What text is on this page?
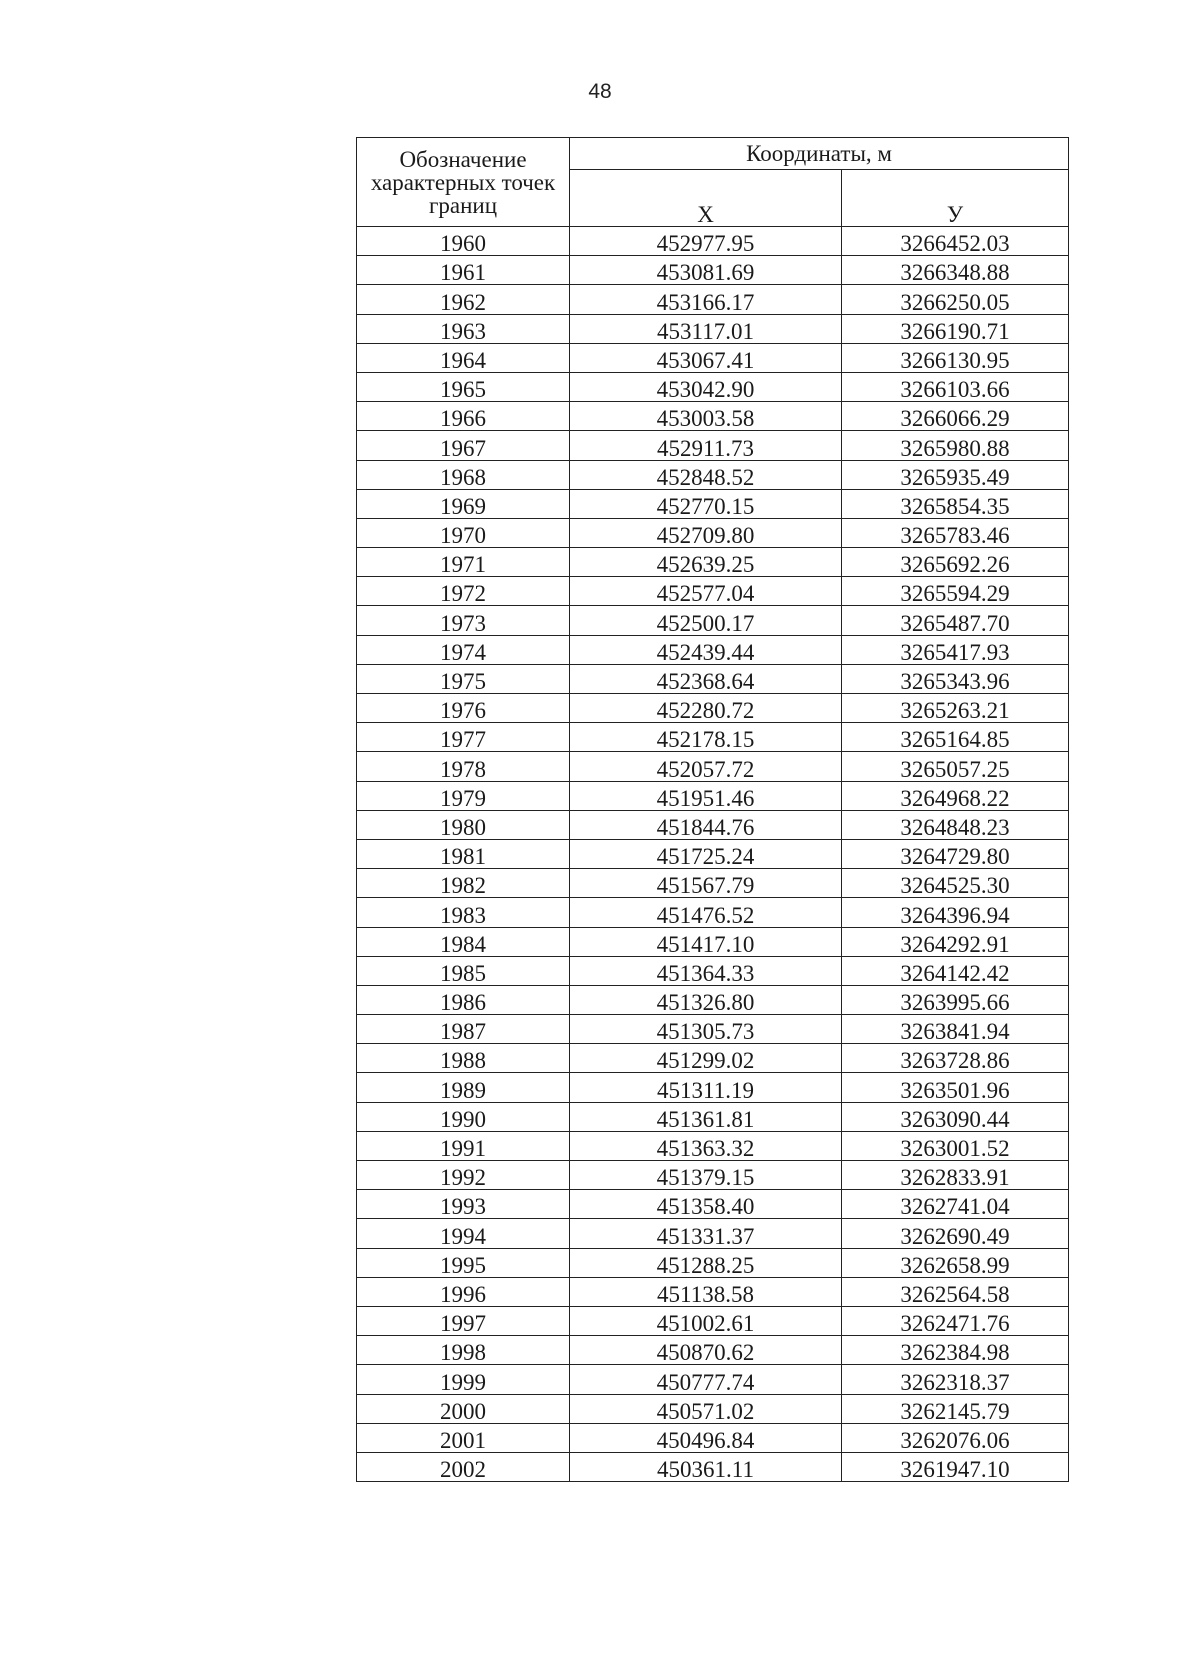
48
Обозначение характерных точек границ	Координаты, м	
	Х	У
1960	452977.95	3266452.03
1961	453081.69	3266348.88
1962	453166.17	3266250.05
1963	453117.01	3266190.71
1964	453067.41	3266130.95
1965	453042.90	3266103.66
1966	453003.58	3266066.29
1967	452911.73	3265980.88
1968	452848.52	3265935.49
1969	452770.15	3265854.35
1970	452709.80	3265783.46
1971	452639.25	3265692.26
1972	452577.04	3265594.29
1973	452500.17	3265487.70
1974	452439.44	3265417.93
1975	452368.64	3265343.96
1976	452280.72	3265263.21
1977	452178.15	3265164.85
1978	452057.72	3265057.25
1979	451951.46	3264968.22
1980	451844.76	3264848.23
1981	451725.24	3264729.80
1982	451567.79	3264525.30
1983	451476.52	3264396.94
1984	451417.10	3264292.91
1985	451364.33	3264142.42
1986	451326.80	3263995.66
1987	451305.73	3263841.94
1988	451299.02	3263728.86
1989	451311.19	3263501.96
1990	451361.81	3263090.44
1991	451363.32	3263001.52
1992	451379.15	3262833.91
1993	451358.40	3262741.04
1994	451331.37	3262690.49
1995	451288.25	3262658.99
1996	451138.58	3262564.58
1997	451002.61	3262471.76
1998	450870.62	3262384.98
1999	450777.74	3262318.37
2000	450571.02	3262145.79
2001	450496.84	3262076.06
2002	450361.11	3261947.10
